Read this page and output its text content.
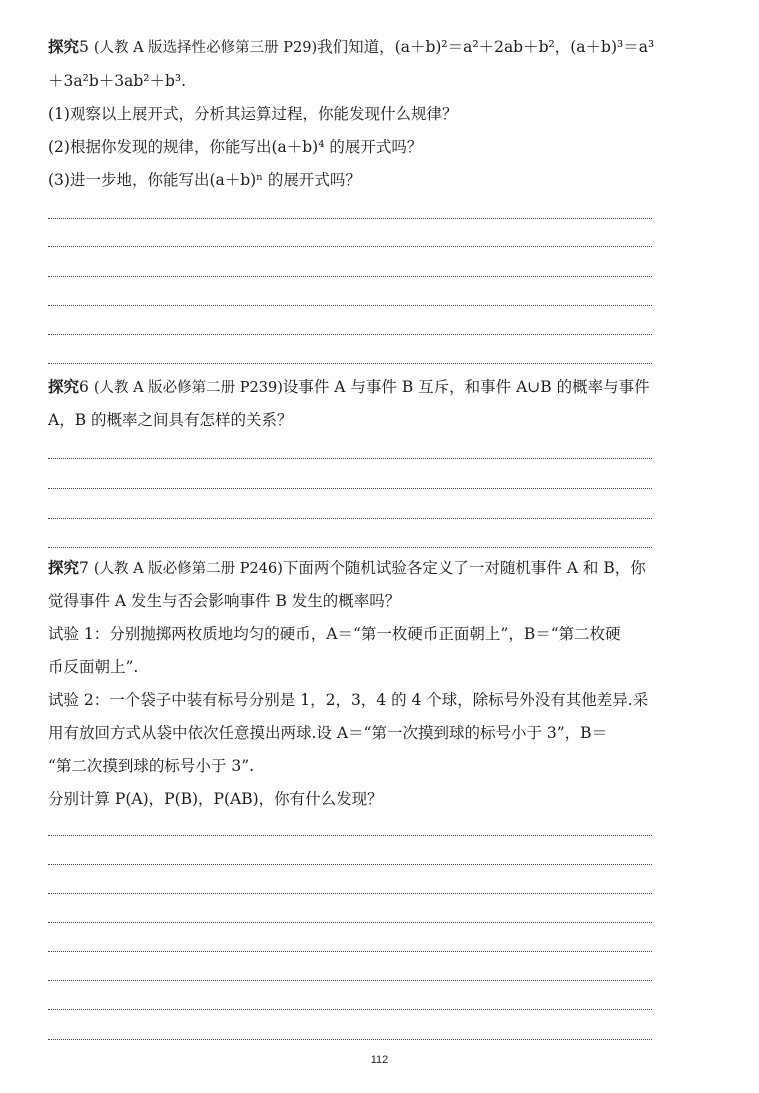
探究5 (人教 A 版选择性必修第三册 P29)我们知道，(a＋b)²＝a²＋2ab＋b²，(a＋b)³＝a³
＋3a²b＋3ab²＋b³.
(1)观察以上展开式，分析其运算过程，你能发现什么规律？
(2)根据你发现的规律，你能写出(a＋b)⁴ 的展开式吗？
(3)进一步地，你能写出(a＋b)ⁿ 的展开式吗？
探究6 (人教 A 版必修第二册 P239)设事件 A 与事件 B 互斥，和事件 A∪B 的概率与事件
A，B 的概率之间具有怎样的关系？
探究7 (人教 A 版必修第二册 P246)下面两个随机试验各定义了一对随机事件 A 和 B，你
觉得事件 A 发生与否会影响事件 B 发生的概率吗？
试验 1：分别抛掷两枚质地均匀的硬币，A＝“第一枚硬币正面朝上”，B＝“第二枚硬
币反面朝上”.
试验 2：一个袋子中装有标号分别是 1，2，3，4 的 4 个球，除标号外没有其他差异.采
用有放回方式从袋中依次任意摸出两球.设 A＝“第一次摸到球的标号小于 3”，B＝
“第二次摸到球的标号小于 3”.
分别计算 P(A)，P(B)，P(AB)，你有什么发现？
112
